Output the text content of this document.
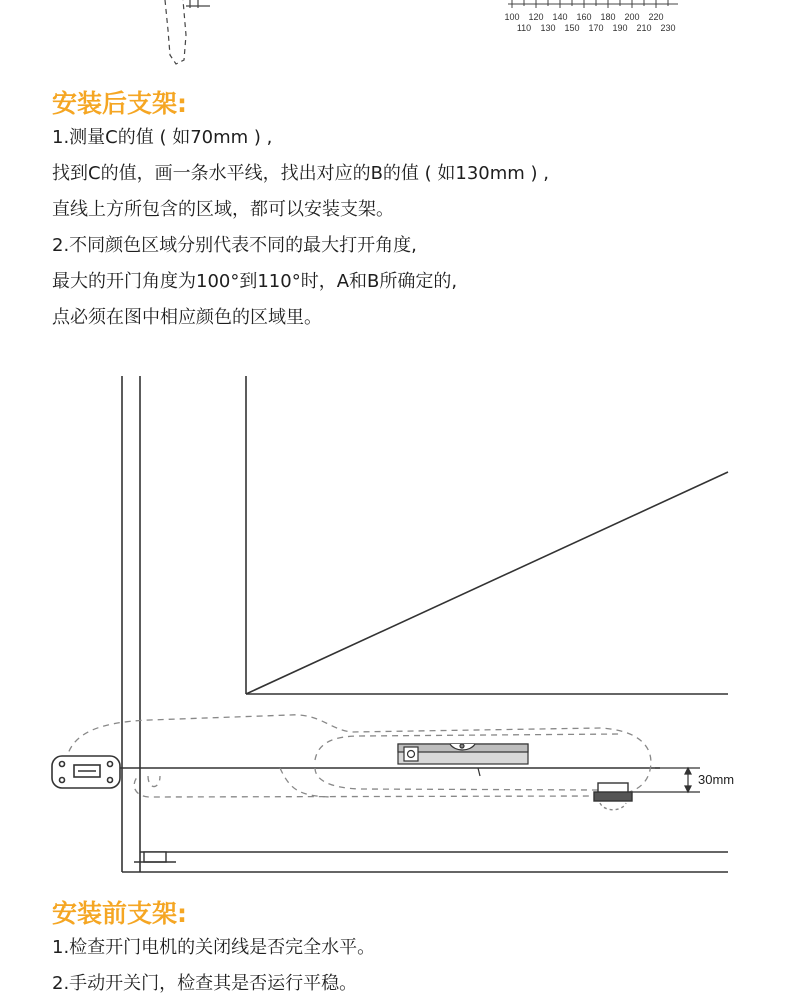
100 120 140 160 180 200 220
110 130 150 170 190 210 230
安装后支架:
1.测量C的值 ( 如70mm ) ,
找到C的值，画一条水平线，找出对应的B的值 ( 如130mm ) ,
直线上方所包含的区域，都可以安装支架。
2.不同颜色区域分别代表不同的最大打开角度,
最大的开门角度为100°到110°时，A和B所确定的,
点必须在图中相应颜色的区域里。
30mm
安装前支架:
1.检查开门电机的关闭线是否完全水平。
2.手动开关门，检查其是否运行平稳。
